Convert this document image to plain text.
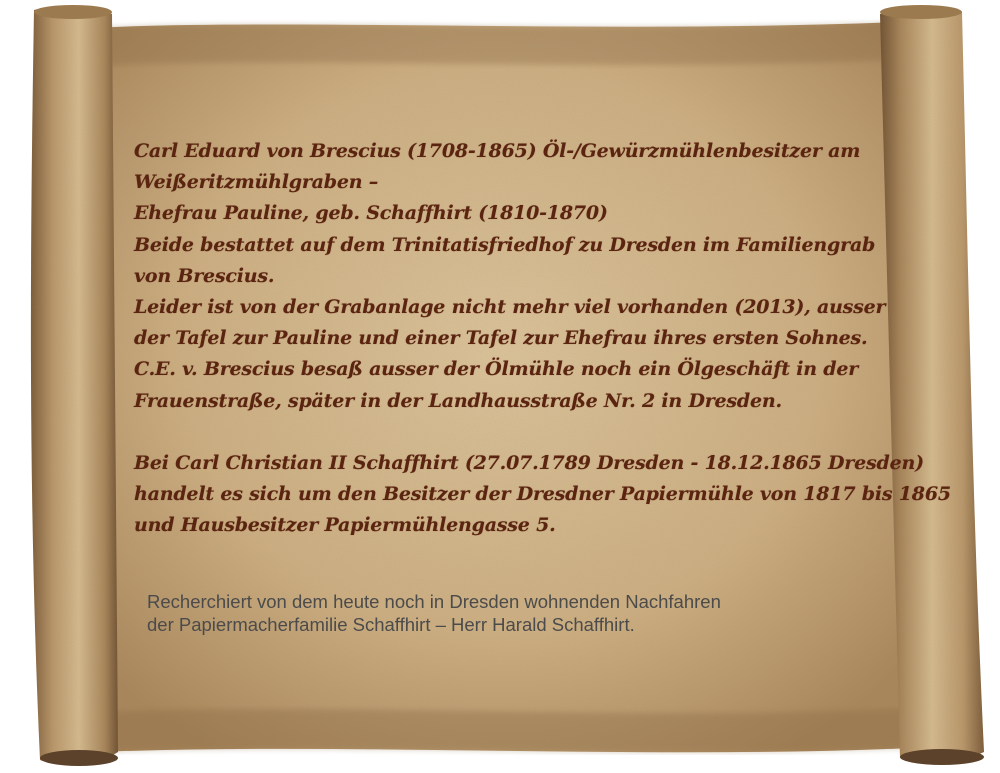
Carl Eduard von Brescius (1708-1865) Öl-/Gewürzmühlenbesitzer am
Weißeritzmühlgraben –
Ehefrau Pauline, geb. Schaffhirt (1810-1870)
Beide bestattet auf dem Trinitatisfriedhof zu Dresden im Familiengrab
von Brescius.
Leider ist von der Grabanlage nicht mehr viel vorhanden (2013), ausser
der Tafel zur Pauline und einer Tafel zur Ehefrau ihres ersten Sohnes.
C.E. v. Brescius besaß ausser der Ölmühle noch ein Ölgeschäft in der
Frauenstraße, später in der Landhausstraße Nr. 2 in Dresden.

Bei Carl Christian II Schaffhirt (27.07.1789 Dresden - 18.12.1865 Dresden)
handelt es sich um den Besitzer der Dresdner Papiermühle von 1817 bis 1865
und Hausbesitzer Papiermühlengasse 5.

Recherchiert von dem heute noch in Dresden wohnenden Nachfahren
der Papiermacherfamilie Schaffhirt – Herr Harald Schaffhirt.
